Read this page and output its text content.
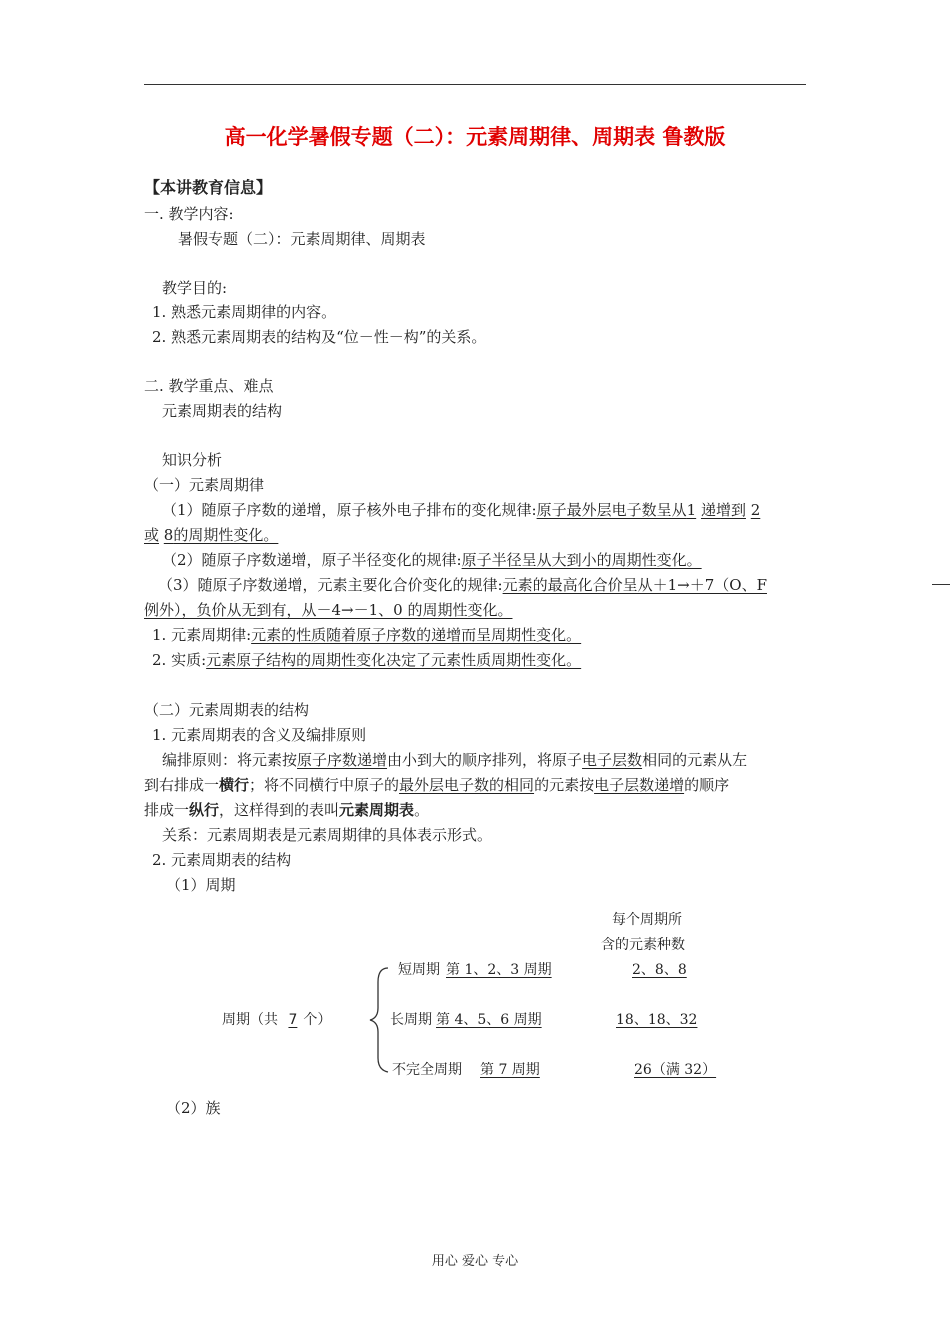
高一化学暑假专题（二）：元素周期律、周期表 鲁教版
【本讲教育信息】
一. 教学内容:
暑假专题（二）：元素周期律、周期表
教学目的:
1. 熟悉元素周期律的内容。
2. 熟悉元素周期表的结构及“位－性－构”的关系。
二. 教学重点、难点
元素周期表的结构
知识分析
（一）元素周期律
（1）随原子序数的递增，原子核外电子排布的变化规律:原子最外层电子数呈从1 递增到 2
或 8的周期性变化。
（2）随原子序数递增，原子半径变化的规律:原子半径呈从大到小的周期性变化。
（3）随原子序数递增，元素主要化合价变化的规律:元素的最高化合价呈从＋1→＋7（O、F
例外），负价从无到有，从－4→－1、0 的周期性变化。
1. 元素周期律:元素的性质随着原子序数的递增而呈周期性变化。
2. 实质:元素原子结构的周期性变化决定了元素性质周期性变化。
（二）元素周期表的结构
1. 元素周期表的含义及编排原则
编排原则：将元素按原子序数递增由小到大的顺序排列，将原子电子层数相同的元素从左
到右排成一横行；将不同横行中原子的最外层电子数的相同的元素按电子层数递增的顺序
排成一纵行，这样得到的表叫元素周期表。
关系：元素周期表是元素周期律的具体表示形式。
2. 元素周期表的结构
（1）周期
每个周期所
含的元素种数
周期（共 7 个）
短周期 第 1、2、3 周期	2、8、8
长周期 第 4、5、6 周期	18、18、32
不完全周期 第 7 周期	26（满 32）
（2）族
用心 爱心 专心
